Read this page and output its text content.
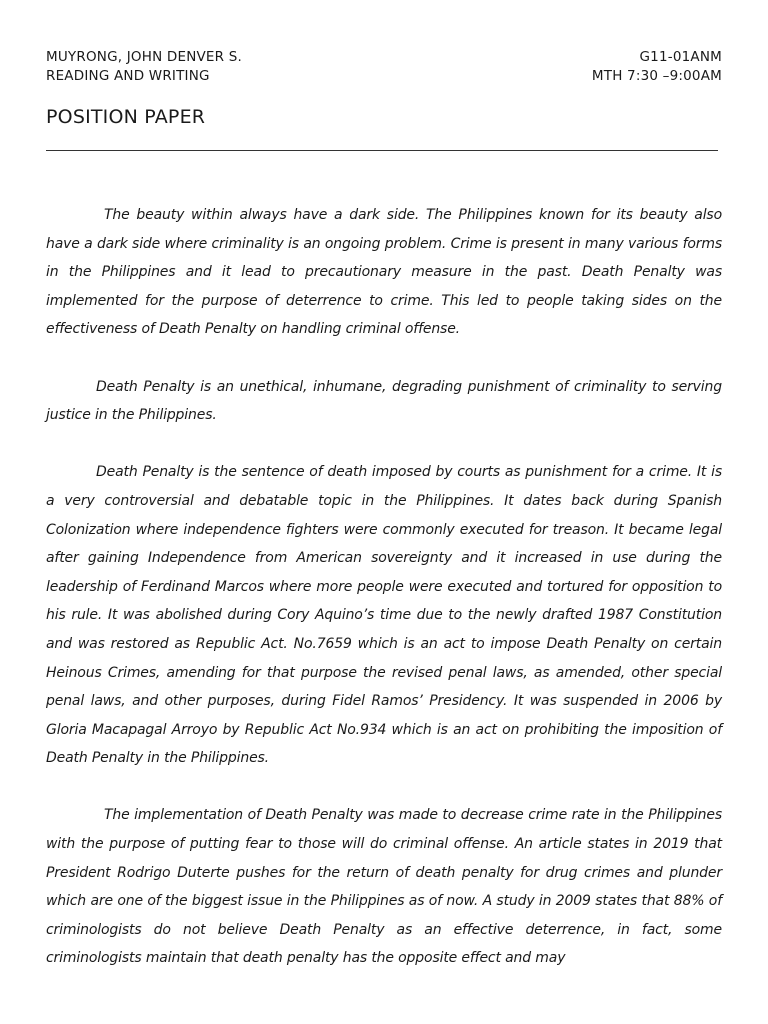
MUYRONG, JOHN DENVER S.
READING AND WRITING
G11-01ANM
MTH 7:30 –9:00AM
POSITION PAPER

The beauty within always have a dark side. The Philippines known for its beauty also have a dark side where criminality is an ongoing problem. Crime is present in many various forms in the Philippines and it lead to precautionary measure in the past. Death Penalty was implemented for the purpose of deterrence to crime. This led to people taking sides on the effectiveness of Death Penalty on handling criminal offense.

Death Penalty is an unethical, inhumane, degrading punishment of criminality to serving justice in the Philippines.

Death Penalty is the sentence of death imposed by courts as punishment for a crime. It is a very controversial and debatable topic in the Philippines. It dates back during Spanish Colonization where independence fighters were commonly executed for treason. It became legal after gaining Independence from American sovereignty and it increased in use during the leadership of Ferdinand Marcos where more people were executed and tortured for opposition to his rule. It was abolished during Cory Aquino’s time due to the newly drafted 1987 Constitution and was restored as Republic Act. No.7659 which is an act to impose Death Penalty on certain Heinous Crimes, amending for that purpose the revised penal laws, as amended, other special penal laws, and other purposes, during Fidel Ramos’ Presidency. It was suspended in 2006 by Gloria Macapagal Arroyo by Republic Act No.934 which is an act on prohibiting the imposition of Death Penalty in the Philippines.

The implementation of Death Penalty was made to decrease crime rate in the Philippines with the purpose of putting fear to those will do criminal offense. An article states in 2019 that President Rodrigo Duterte pushes for the return of death penalty for drug crimes and plunder which are one of the biggest issue in the Philippines as of now. A study in 2009 states that 88% of criminologists do not believe Death Penalty as an effective deterrence, in fact, some criminologists maintain that death penalty has the opposite effect and may
